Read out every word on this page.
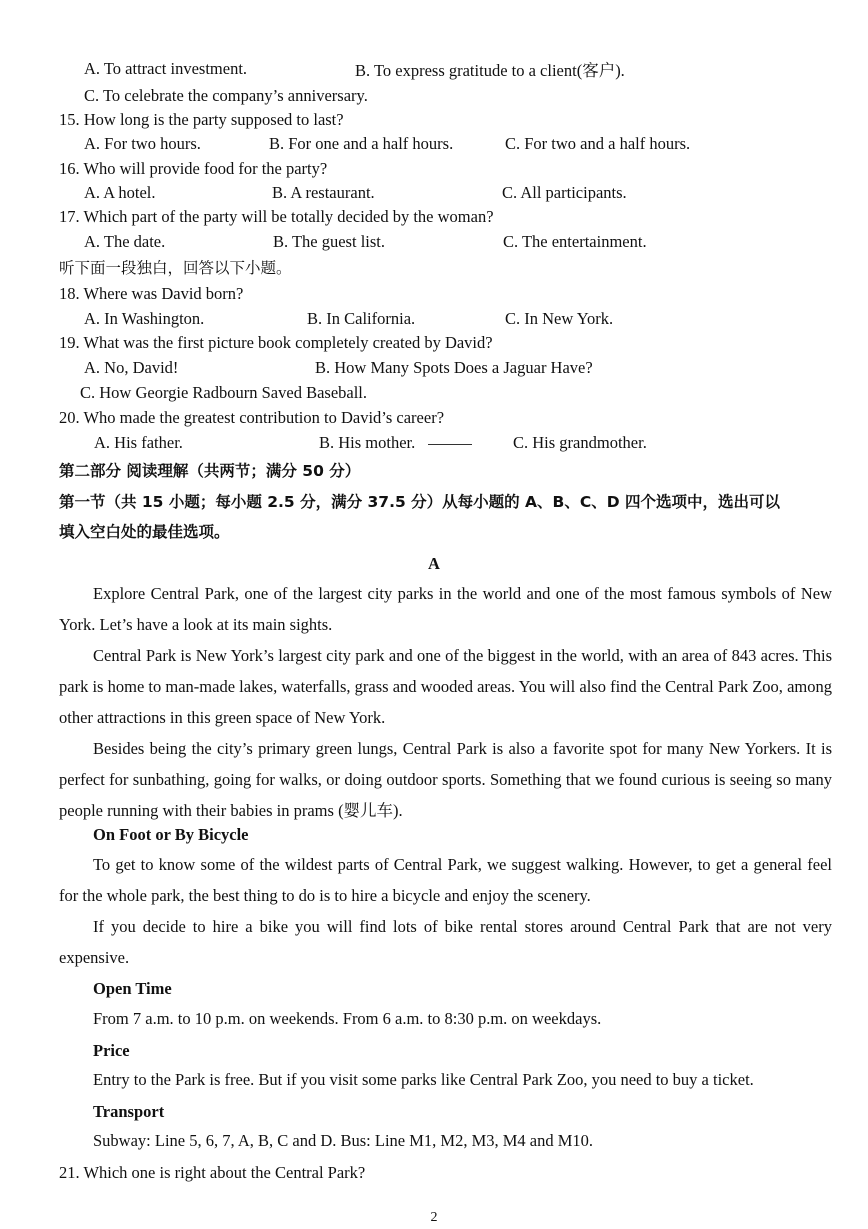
A. To attract investment.	B. To express gratitude to a client(客户).
C. To celebrate the company’s anniversary.
15. How long is the party supposed to last?
A. For two hours.	B. For one and a half hours.	C. For two and a half hours.
16. Who will provide food for the party?
A. A hotel.	B. A restaurant.	C. All participants.
17. Which part of the party will be totally decided by the woman?
A. The date.	B. The guest list.	C. The entertainment.
听下面一段独白，回答以下小题。
18. Where was David born?
A. In Washington.	B. In California.	C. In New York.
19. What was the first picture book completely created by David?
A. No, David!	B. How Many Spots Does a Jaguar Have?
C. How Georgie Radbourn Saved Baseball.
20. Who made the greatest contribution to David’s career?
A. His father.	B. His mother.	C. His grandmother.
第二部分 阅读理解（共两节；满分 50 分）
第一节（共 15 小题；每小题 2.5 分，满分 37.5 分）从每小题的 A、B、C、D 四个选项中，选出可以
填入空白处的最佳选项。
A

Explore Central Park, one of the largest city parks in the world and one of the most famous symbols of New York. Let’s have a look at its main sights.

Central Park is New York’s largest city park and one of the biggest in the world, with an area of 843 acres. This park is home to man-made lakes, waterfalls, grass and wooded areas. You will also find the Central Park Zoo, among other attractions in this green space of New York.

Besides being the city’s primary green lungs, Central Park is also a favorite spot for many New Yorkers. It is perfect for sunbathing, going for walks, or doing outdoor sports. Something that we found curious is seeing so many people running with their babies in prams (婴儿车).

On Foot or By Bicycle

To get to know some of the wildest parts of Central Park, we suggest walking. However, to get a general feel for the whole park, the best thing to do is to hire a bicycle and enjoy the scenery.

If you decide to hire a bike you will find lots of bike rental stores around Central Park that are not very expensive.

Open Time
From 7 a.m. to 10 p.m. on weekends. From 6 a.m. to 8:30 p.m. on weekdays.
Price
Entry to the Park is free. But if you visit some parks like Central Park Zoo, you need to buy a ticket.
Transport
Subway: Line 5, 6, 7, A, B, C and D. Bus: Line M1, M2, M3, M4 and M10.
21. Which one is right about the Central Park?
2
